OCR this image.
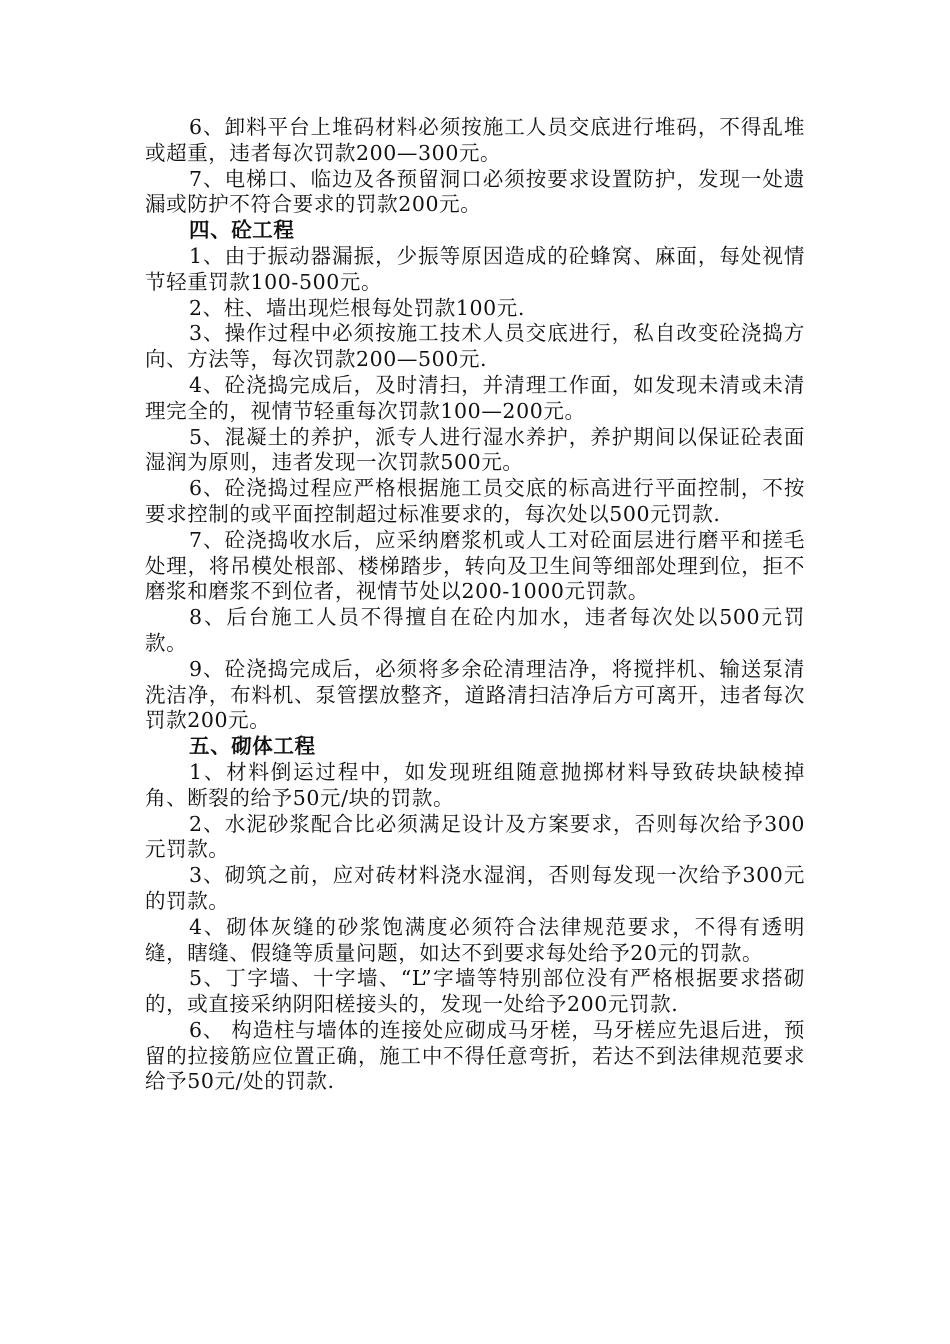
6、卸料平台上堆码材料必须按施工人员交底进行堆码，不得乱堆或超重，违者每次罚款200—300元。

7、电梯口、临边及各预留洞口必须按要求设置防护，发现一处遗漏或防护不符合要求的罚款200元。

四、砼工程

1、由于振动器漏振，少振等原因造成的砼蜂窝、麻面，每处视情节轻重罚款100-500元。

2、柱、墙出现烂根每处罚款100元.

3、操作过程中必须按施工技术人员交底进行，私自改变砼浇捣方向、方法等，每次罚款200—500元.

4、砼浇捣完成后，及时清扫，并清理工作面，如发现未清或未清理完全的，视情节轻重每次罚款100—200元。

5、混凝土的养护，派专人进行湿水养护，养护期间以保证砼表面湿润为原则，违者发现一次罚款500元。

6、砼浇捣过程应严格根据施工员交底的标高进行平面控制，不按要求控制的或平面控制超过标准要求的，每次处以500元罚款.

7、砼浇捣收水后，应采纳磨浆机或人工对砼面层进行磨平和搓毛处理，将吊模处根部、楼梯踏步，转向及卫生间等细部处理到位，拒不磨浆和磨浆不到位者，视情节处以200-1000元罚款。

8、后台施工人员不得擅自在砼内加水，违者每次处以500元罚款。

9、砼浇捣完成后，必须将多余砼清理洁净，将搅拌机、输送泵清洗洁净，布料机、泵管摆放整齐，道路清扫洁净后方可离开，违者每次罚款200元。

五、砌体工程

1、材料倒运过程中，如发现班组随意抛掷材料导致砖块缺棱掉角、断裂的给予50元/块的罚款。

2、水泥砂浆配合比必须满足设计及方案要求，否则每次给予300元罚款。

3、砌筑之前，应对砖材料浇水湿润，否则每发现一次给予300元的罚款。

4、砌体灰缝的砂浆饱满度必须符合法律规范要求，不得有透明缝，瞎缝、假缝等质量问题，如达不到要求每处给予20元的罚款。

5、丁字墙、十字墙、“L”字墙等特别部位没有严格根据要求搭砌的，或直接采纳阴阳槎接头的，发现一处给予200元罚款.

6、 构造柱与墙体的连接处应砌成马牙槎，马牙槎应先退后进，预留的拉接筋应位置正确，施工中不得任意弯折，若达不到法律规范要求给予50元/处的罚款.
